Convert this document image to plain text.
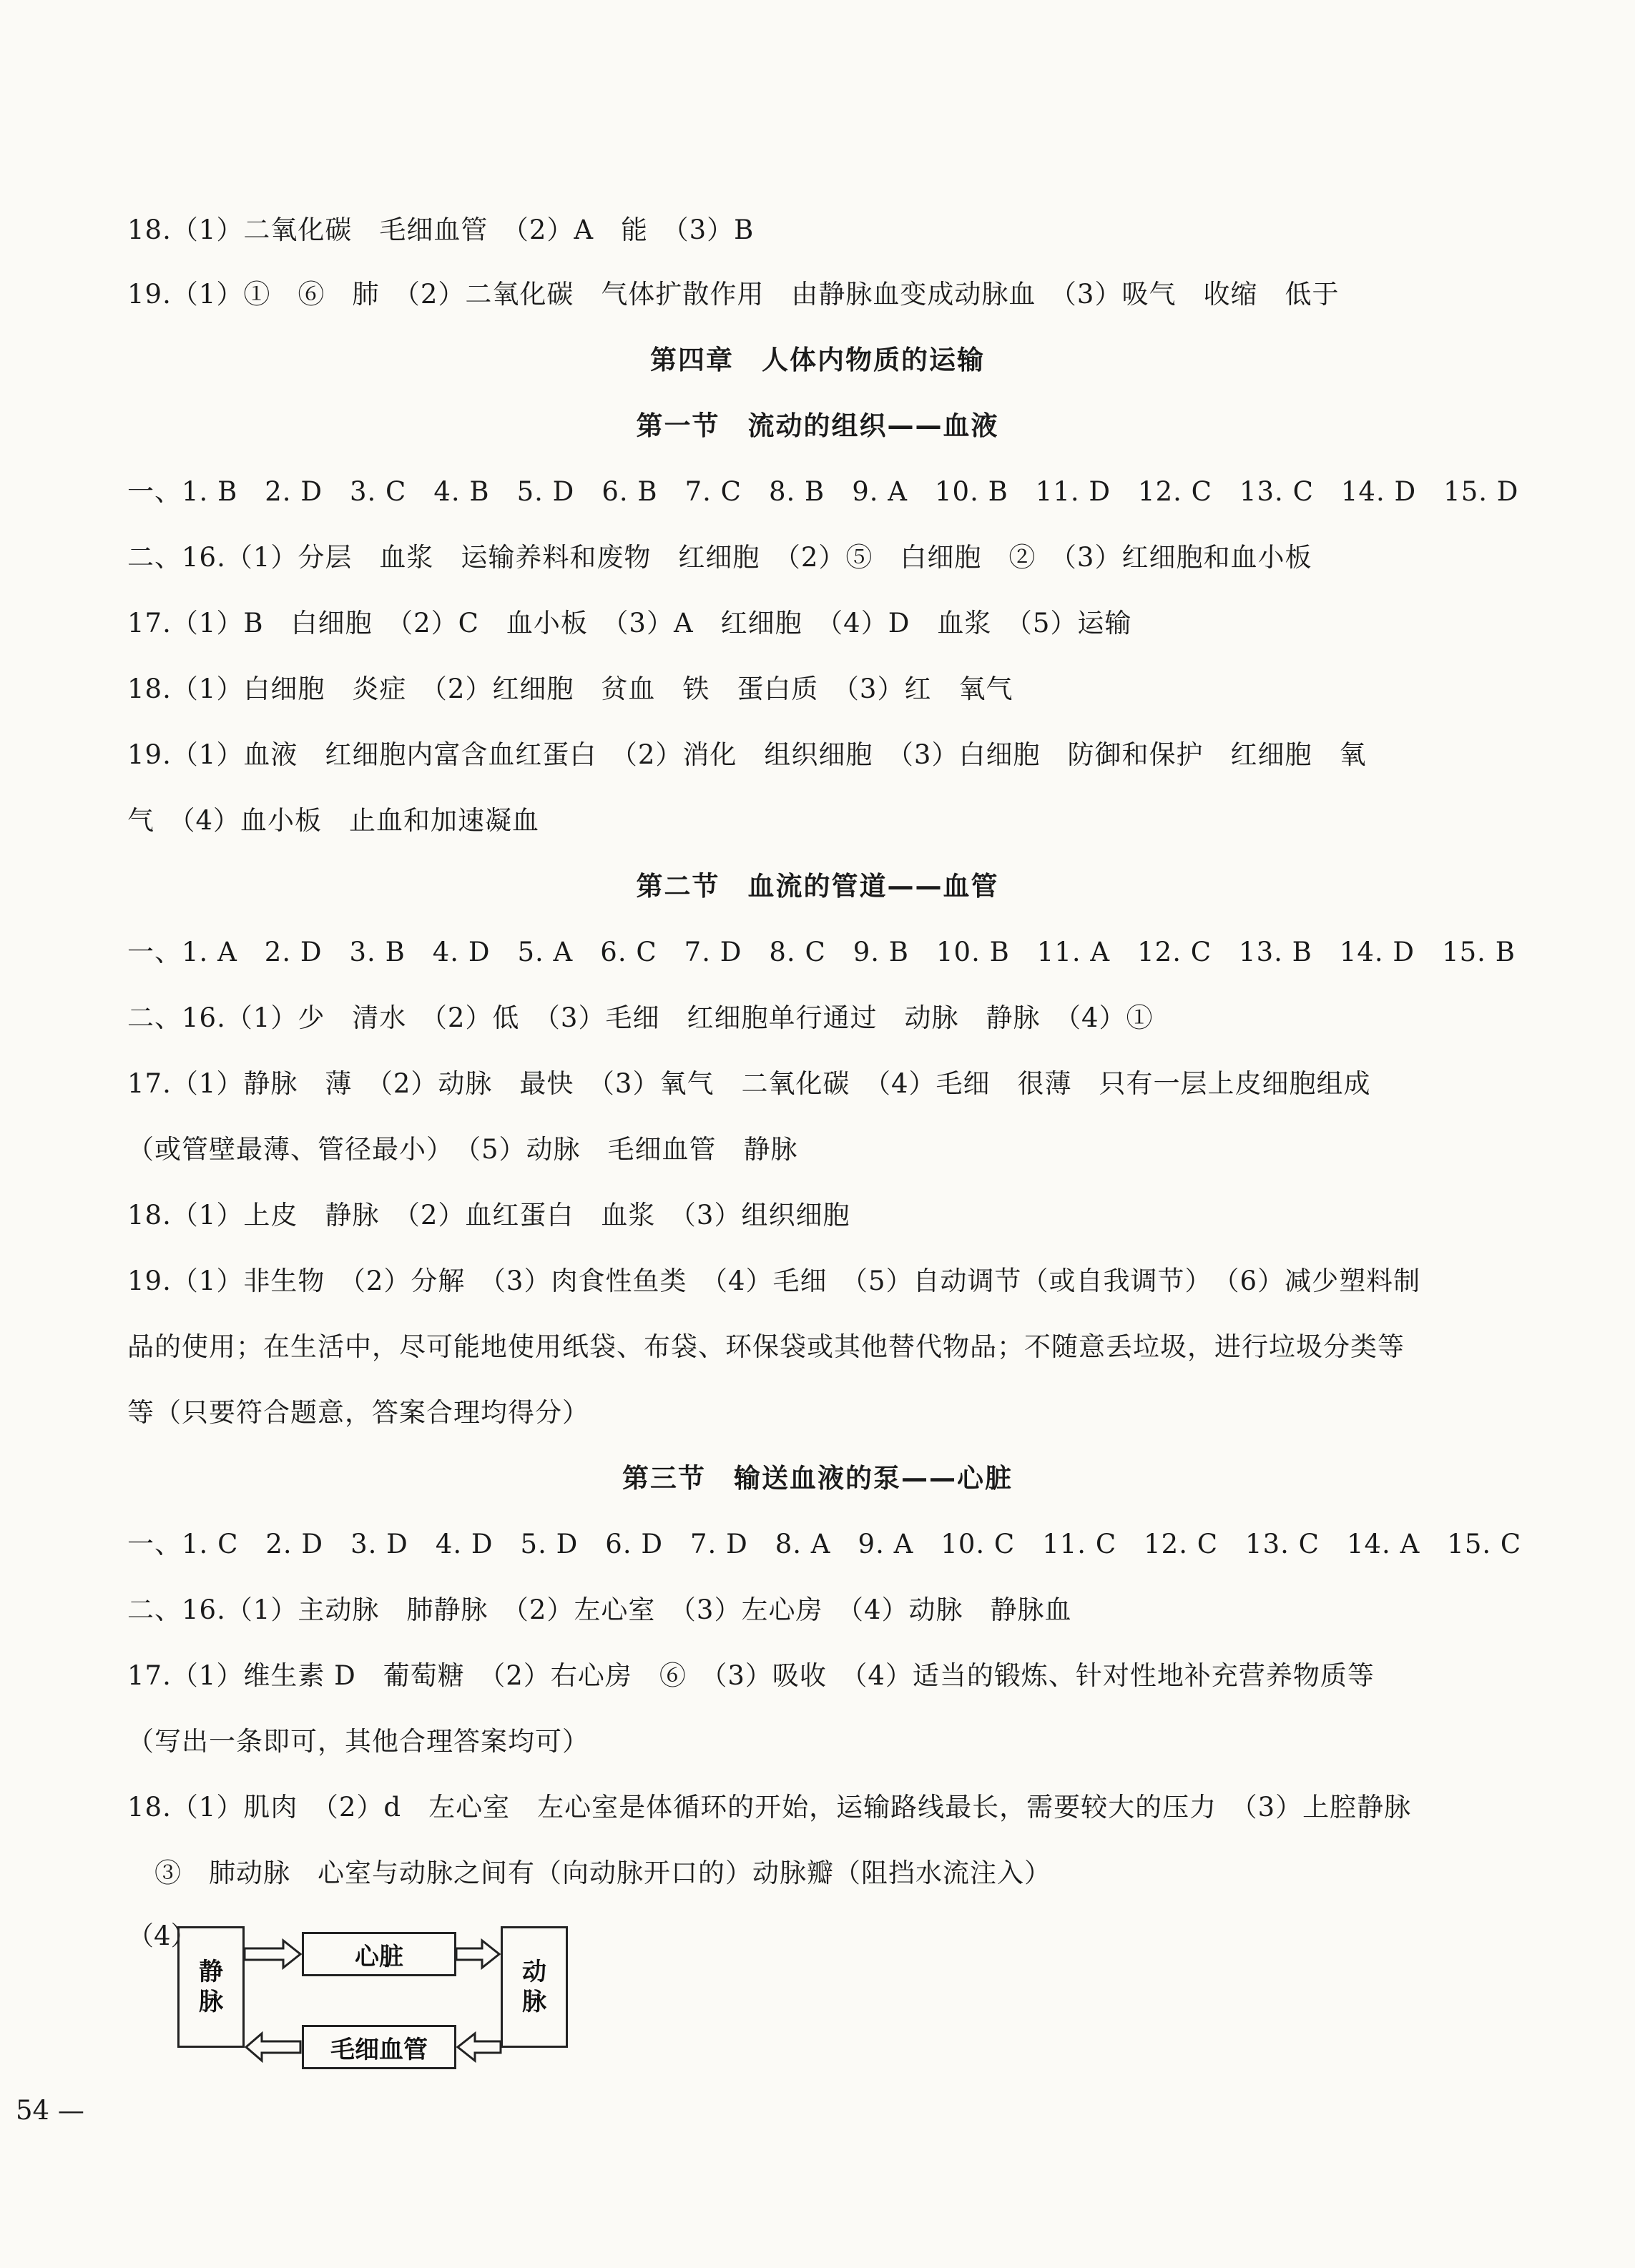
18.（1）二氧化碳　毛细血管　（2）A　能　（3）B
19.（1）①　⑥　肺　（2）二氧化碳　气体扩散作用　由静脉血变成动脉血　（3）吸气　收缩　低于
第四章　人体内物质的运输
第一节　流动的组织——血液
一、1. B　2. D　3. C　4. B　5. D　6. B　7. C　8. B　9. A　10. B　11. D　12. C　13. C　14. D　15. D
二、16.（1）分层　血浆　运输养料和废物　红细胞　（2）⑤　白细胞　②　（3）红细胞和血小板
17.（1）B　白细胞　（2）C　血小板　（3）A　红细胞　（4）D　血浆　（5）运输
18.（1）白细胞　炎症　（2）红细胞　贫血　铁　蛋白质　（3）红　氧气
19.（1）血液　红细胞内富含血红蛋白　（2）消化　组织细胞　（3）白细胞　防御和保护　红细胞　氧
气　（4）血小板　止血和加速凝血
第二节　血流的管道——血管
一、1. A　2. D　3. B　4. D　5. A　6. C　7. D　8. C　9. B　10. B　11. A　12. C　13. B　14. D　15. B
二、16.（1）少　清水　（2）低　（3）毛细　红细胞单行通过　动脉　静脉　（4）①
17.（1）静脉　薄　（2）动脉　最快　（3）氧气　二氧化碳　（4）毛细　很薄　只有一层上皮细胞组成
（或管壁最薄、管径最小）　（5）动脉　毛细血管　静脉
18.（1）上皮　静脉　（2）血红蛋白　血浆　（3）组织细胞
19.（1）非生物　（2）分解　（3）肉食性鱼类　（4）毛细　（5）自动调节（或自我调节）　（6）减少塑料制
品的使用；在生活中，尽可能地使用纸袋、布袋、环保袋或其他替代物品；不随意丢垃圾，进行垃圾分类等
等（只要符合题意，答案合理均得分）
第三节　输送血液的泵——心脏
一、1. C　2. D　3. D　4. D　5. D　6. D　7. D　8. A　9. A　10. C　11. C　12. C　13. C　14. A　15. C
二、16.（1）主动脉　肺静脉　（2）左心室　（3）左心房　（4）动脉　静脉血
17.（1）维生素 D　葡萄糖　（2）右心房　⑥　（3）吸收　（4）适当的锻炼、针对性地补充营养物质等
（写出一条即可，其他合理答案均可）
18.（1）肌肉　（2）d　左心室　左心室是体循环的开始，运输路线最长，需要较大的压力　（3）上腔静脉
　③　肺动脉　心室与动脉之间有（向动脉开口的）动脉瓣（阻挡水流注入）
（4）
静
脉
心脏
动
脉
毛细血管
54 —
